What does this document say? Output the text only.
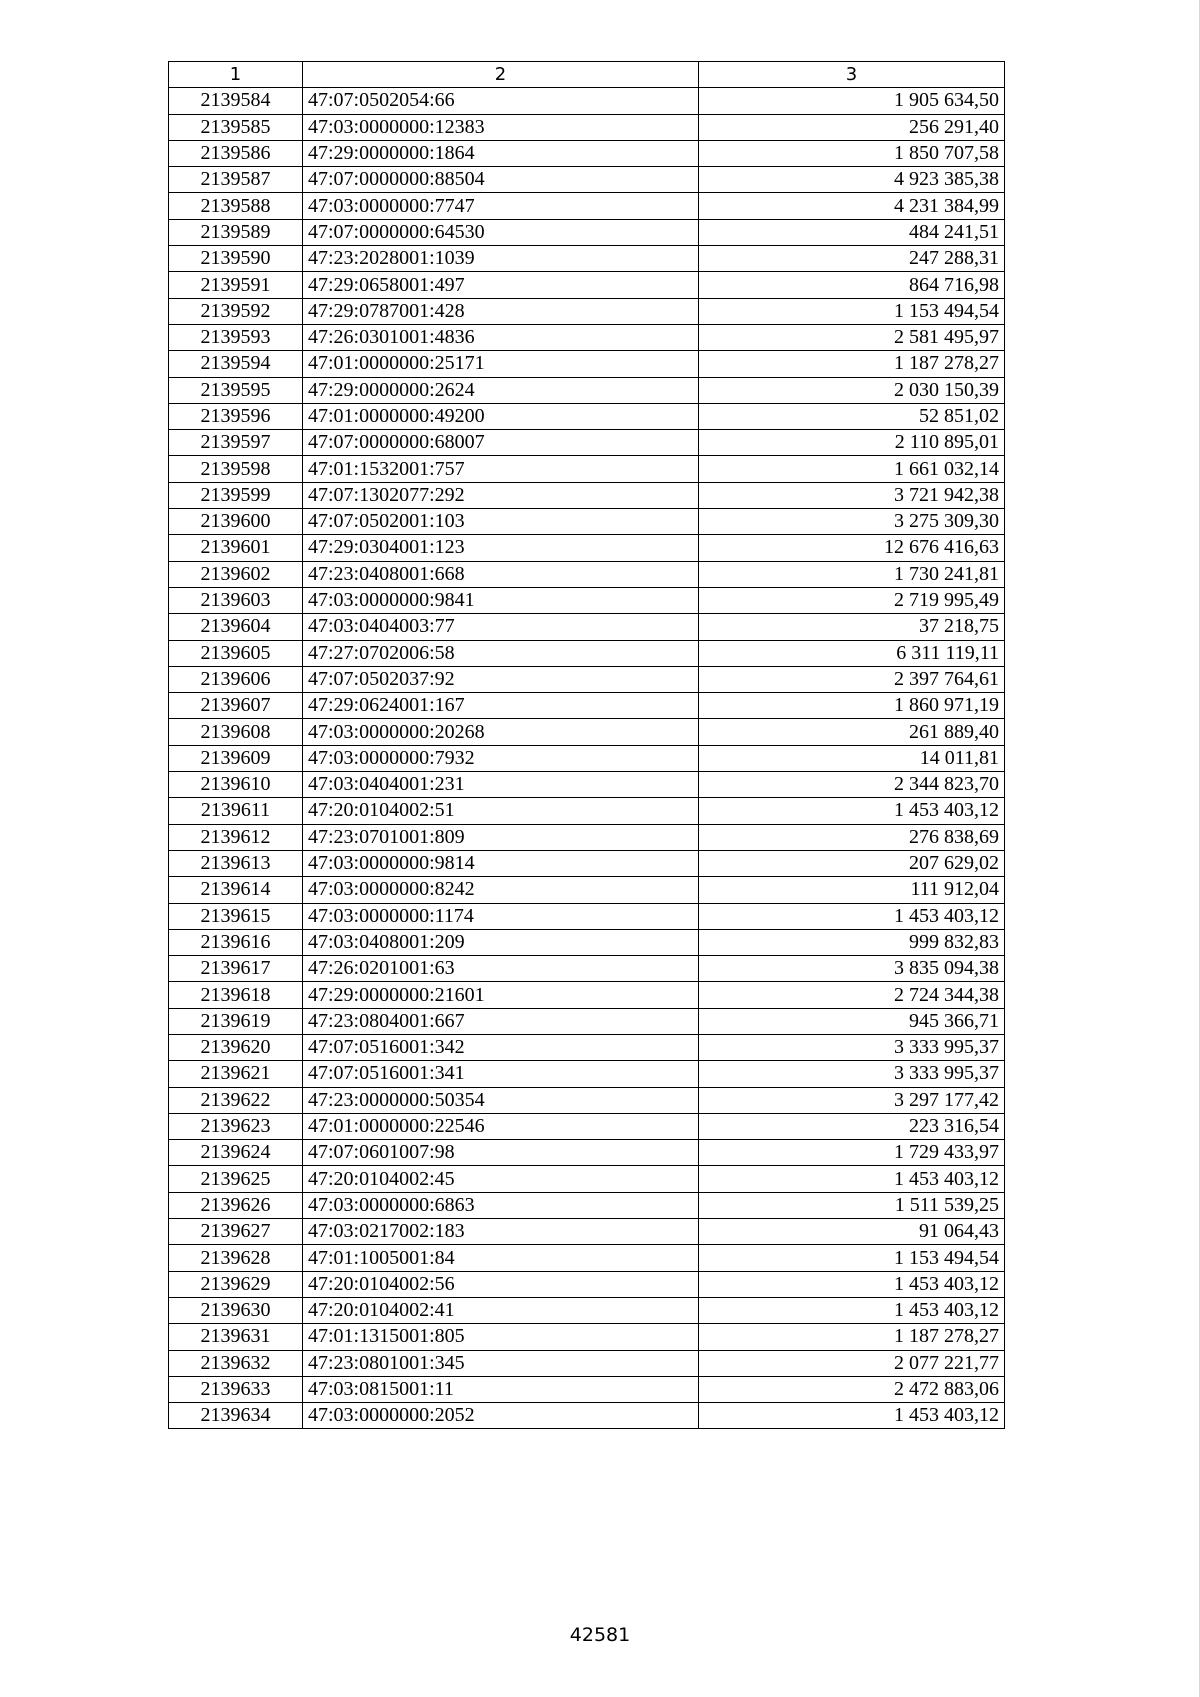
1	2	3
2139584	47:07:0502054:66	1 905 634,50
2139585	47:03:0000000:12383	256 291,40
2139586	47:29:0000000:1864	1 850 707,58
2139587	47:07:0000000:88504	4 923 385,38
2139588	47:03:0000000:7747	4 231 384,99
2139589	47:07:0000000:64530	484 241,51
2139590	47:23:2028001:1039	247 288,31
2139591	47:29:0658001:497	864 716,98
2139592	47:29:0787001:428	1 153 494,54
2139593	47:26:0301001:4836	2 581 495,97
2139594	47:01:0000000:25171	1 187 278,27
2139595	47:29:0000000:2624	2 030 150,39
2139596	47:01:0000000:49200	52 851,02
2139597	47:07:0000000:68007	2 110 895,01
2139598	47:01:1532001:757	1 661 032,14
2139599	47:07:1302077:292	3 721 942,38
2139600	47:07:0502001:103	3 275 309,30
2139601	47:29:0304001:123	12 676 416,63
2139602	47:23:0408001:668	1 730 241,81
2139603	47:03:0000000:9841	2 719 995,49
2139604	47:03:0404003:77	37 218,75
2139605	47:27:0702006:58	6 311 119,11
2139606	47:07:0502037:92	2 397 764,61
2139607	47:29:0624001:167	1 860 971,19
2139608	47:03:0000000:20268	261 889,40
2139609	47:03:0000000:7932	14 011,81
2139610	47:03:0404001:231	2 344 823,70
2139611	47:20:0104002:51	1 453 403,12
2139612	47:23:0701001:809	276 838,69
2139613	47:03:0000000:9814	207 629,02
2139614	47:03:0000000:8242	111 912,04
2139615	47:03:0000000:1174	1 453 403,12
2139616	47:03:0408001:209	999 832,83
2139617	47:26:0201001:63	3 835 094,38
2139618	47:29:0000000:21601	2 724 344,38
2139619	47:23:0804001:667	945 366,71
2139620	47:07:0516001:342	3 333 995,37
2139621	47:07:0516001:341	3 333 995,37
2139622	47:23:0000000:50354	3 297 177,42
2139623	47:01:0000000:22546	223 316,54
2139624	47:07:0601007:98	1 729 433,97
2139625	47:20:0104002:45	1 453 403,12
2139626	47:03:0000000:6863	1 511 539,25
2139627	47:03:0217002:183	91 064,43
2139628	47:01:1005001:84	1 153 494,54
2139629	47:20:0104002:56	1 453 403,12
2139630	47:20:0104002:41	1 453 403,12
2139631	47:01:1315001:805	1 187 278,27
2139632	47:23:0801001:345	2 077 221,77
2139633	47:03:0815001:11	2 472 883,06
2139634	47:03:0000000:2052	1 453 403,12
42581
